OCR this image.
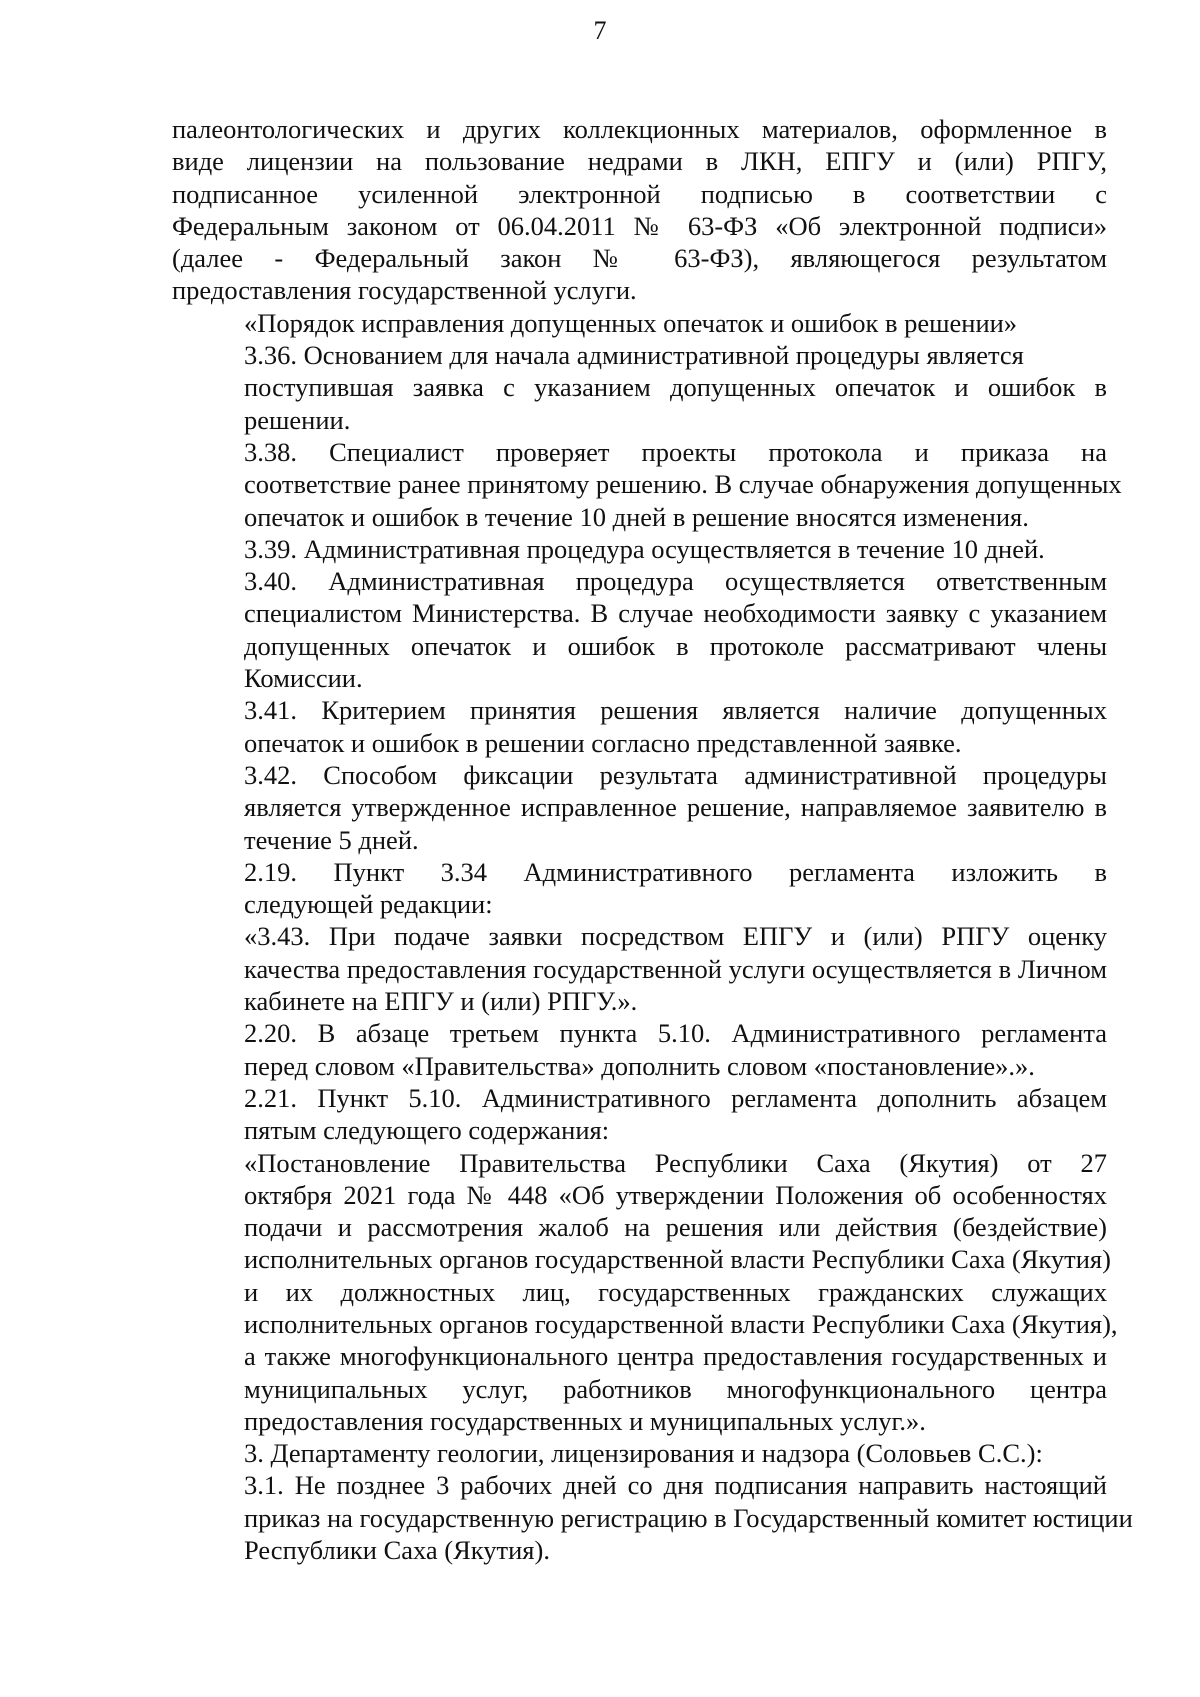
7
палеонтологических и других коллекционных материалов, оформленное в
виде лицензии на пользование недрами в ЛКН, ЕПГУ и (или) РПГУ,
подписанное усиленной электронной подписью в соответствии с
Федеральным законом от 06.04.2011 № 63-ФЗ «Об электронной подписи»
(далее - Федеральный закон № 63-ФЗ), являющегося результатом
предоставления государственной услуги.
«Порядок исправления допущенных опечаток и ошибок в решении»
3.36. Основанием для начала административной процедуры является
поступившая заявка с указанием допущенных опечаток и ошибок в
решении.
3.38. Специалист проверяет проекты протокола и приказа на
соответствие ранее принятому решению. В случае обнаружения допущенных
опечаток и ошибок в течение 10 дней в решение вносятся изменения.
3.39. Административная процедура осуществляется в течение 10 дней.
3.40. Административная процедура осуществляется ответственным
специалистом Министерства. В случае необходимости заявку с указанием
допущенных опечаток и ошибок в протоколе рассматривают члены
Комиссии.
3.41. Критерием принятия решения является наличие допущенных
опечаток и ошибок в решении согласно представленной заявке.
3.42. Способом фиксации результата административной процедуры
является утвержденное исправленное решение, направляемое заявителю в
течение 5 дней.
2.19. Пункт 3.34 Административного регламента изложить в
следующей редакции:
«3.43. При подаче заявки посредством ЕПГУ и (или) РПГУ оценку
качества предоставления государственной услуги осуществляется в Личном
кабинете на ЕПГУ и (или) РПГУ.».
2.20. В абзаце третьем пункта 5.10. Административного регламента
перед словом «Правительства» дополнить словом «постановление».».
2.21. Пункт 5.10. Административного регламента дополнить абзацем
пятым следующего содержания:
«Постановление Правительства Республики Саха (Якутия) от 27
октября 2021 года № 448 «Об утверждении Положения об особенностях
подачи и рассмотрения жалоб на решения или действия (бездействие)
исполнительных органов государственной власти Республики Саха (Якутия)
и их должностных лиц, государственных гражданских служащих
исполнительных органов государственной власти Республики Саха (Якутия),
а также многофункционального центра предоставления государственных и
муниципальных услуг, работников многофункционального центра
предоставления государственных и муниципальных услуг.».
3. Департаменту геологии, лицензирования и надзора (Соловьев С.С.):
3.1. Не позднее 3 рабочих дней со дня подписания направить настоящий
приказ на государственную регистрацию в Государственный комитет юстиции
Республики Саха (Якутия).
